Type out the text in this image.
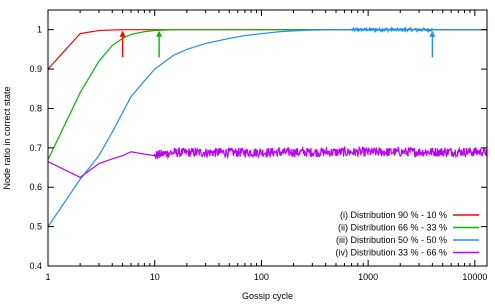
1	10	100	1000	10000
0.4
0.5
0.6
0.7
0.8
0.9
1
Gossip cycle
Node ratio in correct state
(i) Distribution 90 % - 10 %
(ii) Distribution 66 % - 33 %
(iii) Distribution 50 % - 50 %
(iv) Distribution 33 % - 66 %
